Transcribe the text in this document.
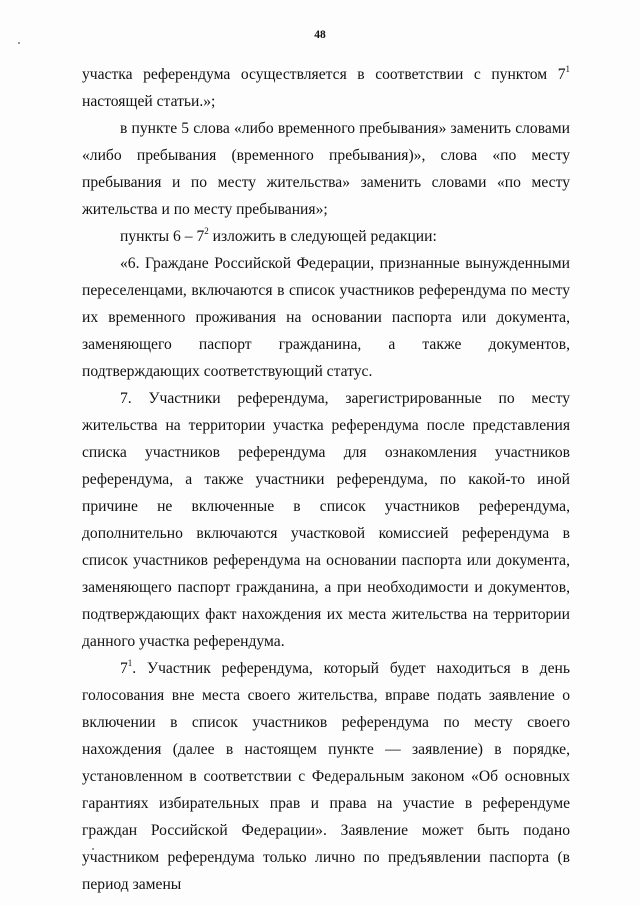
48

участка референдума осуществляется в соответствии с пунктом $7^1$ настоящей статьи.»;

в пункте 5 слова «либо временного пребывания» заменить словами «либо пребывания (временного пребывания)», слова «по месту пребывания и по месту жительства» заменить словами «по месту жительства и по месту пребывания»;

пункты $6 - 7^2$ изложить в следующей редакции:

«6. Граждане Российской Федерации, признанные вынужденными переселенцами, включаются в список участников референдума по месту их временного проживания на основании паспорта или документа, заменяющего паспорт гражданина, а также документов, подтверждающих соответствующий статус.

7. Участники референдума, зарегистрированные по месту жительства на территории участка референдума после представления списка участников референдума для ознакомления участников референдума, а также участники референдума, по какой-то иной причине не включенные в список участников референдума, дополнительно включаются участковой комиссией референдума в список участников референдума на основании паспорта или документа, заменяющего паспорт гражданина, а при необходимости и документов, подтверждающих факт нахождения их места жительства на территории данного участка референдума.

$7^1$. Участник референдума, который будет находиться в день голосования вне места своего жительства, вправе подать заявление о включении в список участников референдума по месту своего нахождения (далее в настоящем пункте — заявление) в порядке, установленном в соответствии с Федеральным законом «Об основных гарантиях избирательных прав и права на участие в референдуме граждан Российской Федерации». Заявление может быть подано участником референдума только лично по предъявлении паспорта (в период замены
